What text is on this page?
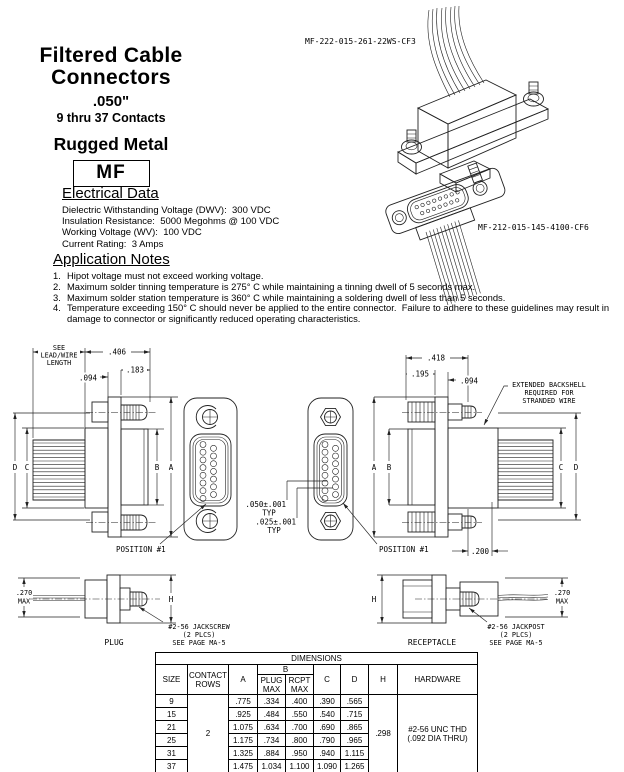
MF-222-015-261-22WS-CF3
MF-212-015-145-4100-CF6
Filtered Cable
Connectors
.050"
9 thru 37 Contacts
Rugged Metal
MF
Electrical Data
Dielectric Withstanding Voltage (DWV):  300 VDC
Insulation Resistance:  5000 Megohms @ 100 VDC
Working Voltage (WV):  100 VDC
Current Rating:  3 Amps
Application Notes
1. Hipot voltage must not exceed working voltage.
2. Maximum solder tinning temperature is 275° C while maintaining a tinning dwell of 5 seconds max.
3. Maximum solder station temperature is 360° C while maintaining a soldering dwell of less than 5 seconds.
4. Temperature exceeding 150° C should never be applied to the entire connector.  Failure to adhere to these guidelines may result in damage to connector or significantly reduced operating characteristics.
SEE
LEAD/WIRE
LENGTH
.406
.183
.094
D C	B A
POSITION #1
.050±.001
TYP
.025±.001
TYP
.418
.195
.094	EXTENDED BACKSHELL
REQUIRED FOR
STRANDED WIRE
A B	C D
.200
POSITION #1
.270
MAX	H
#2-56 JACKSCREW
(2 PLCS)
SEE PAGE MA-5
PLUG
H
.270
MAX
#2-56 JACKPOST
(2 PLCS)
SEE PAGE MA-5
RECEPTACLE
DIMENSIONS								
SIZE	CONTACT ROWS	A	B		C	D	H	HARDWARE
			PLUG MAX	RCPT MAX				
9	2	.775	.334	.400	.390	.565	.298	#2-56 UNC THD
(.092 DIA THRU)

15		.925	.484	.550	.540	.715		
21		1.075	.634	.700	.690	.865		
25		1.175	.734	.800	.790	.965		
31		1.325	.884	.950	.940	1.115		
37		1.475	1.034	1.100	1.090	1.265		
